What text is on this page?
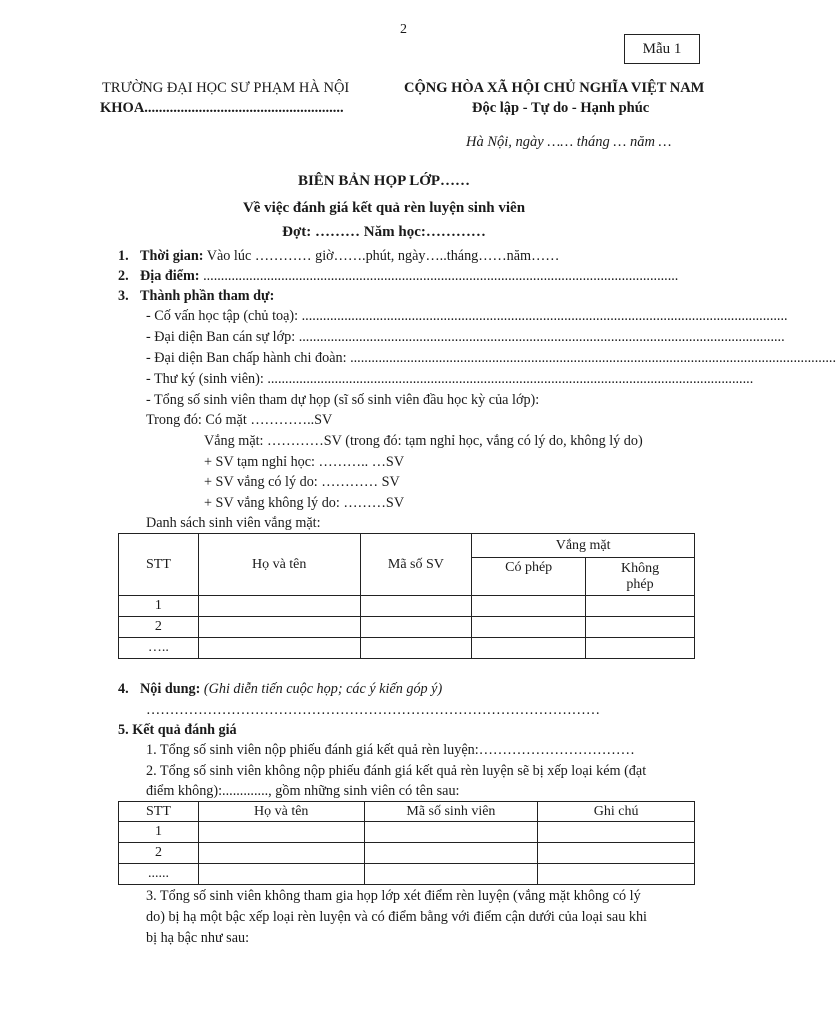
2
Mẫu 1
TRƯỜNG ĐẠI HỌC SƯ PHẠM HÀ NỘI
KHOA.......................................................
CỘNG HÒA XÃ HỘI CHỦ NGHĨA VIỆT NAM
Độc lập - Tự do - Hạnh phúc
Hà Nội, ngày …… tháng … năm …
BIÊN BẢN HỌP LỚP……
Về việc đánh giá kết quả rèn luyện sinh viên
Đợt: ……… Năm học:…………
1. Thời gian: Vào lúc ………… giờ…….phút, ngày…..tháng……năm……
2. Địa điểm: ......................................................................................................................................
3. Thành phần tham dự:
- Cố vấn học tập (chủ toạ): .........................................................................................................................................
- Đại diện Ban cán sự lớp: .........................................................................................................................................
- Đại diện Ban chấp hành chi đoàn: .........................................................................................................................................
- Thư ký (sinh viên): .........................................................................................................................................
- Tổng số sinh viên tham dự họp (sĩ số sinh viên đầu học kỳ của lớp):
Trong đó: Có mặt …………..SV
Vắng mặt: …………SV (trong đó: tạm nghỉ học, vắng có lý do, không lý do)
+ SV tạm nghỉ học: ……….. …SV
+ SV vắng có lý do: ………… SV
+ SV vắng không lý do: ………SV
Danh sách sinh viên vắng mặt:
STT	Họ và tên	Mã số SV	Vắng mặt	
			Có phép	Không phép
1				
2				
…..				
4. Nội dung: (Ghi diễn tiến cuộc họp; các ý kiến góp ý)
……………………………………………………………………………………
5. Kết quả đánh giá
1. Tổng số sinh viên nộp phiếu đánh giá kết quả rèn luyện:……………………………
2. Tổng số sinh viên không nộp phiếu đánh giá kết quả rèn luyện sẽ bị xếp loại kém (đạt
điểm không):............., gồm những sinh viên có tên sau:
STT	Họ và tên	Mã số sinh viên	Ghi chú
1			
2			
......			
3. Tổng số sinh viên không tham gia họp lớp xét điểm rèn luyện (vắng mặt không có lý
do) bị hạ một bậc xếp loại rèn luyện và có điểm bằng với điểm cận dưới của loại sau khi
bị hạ bậc như sau:
